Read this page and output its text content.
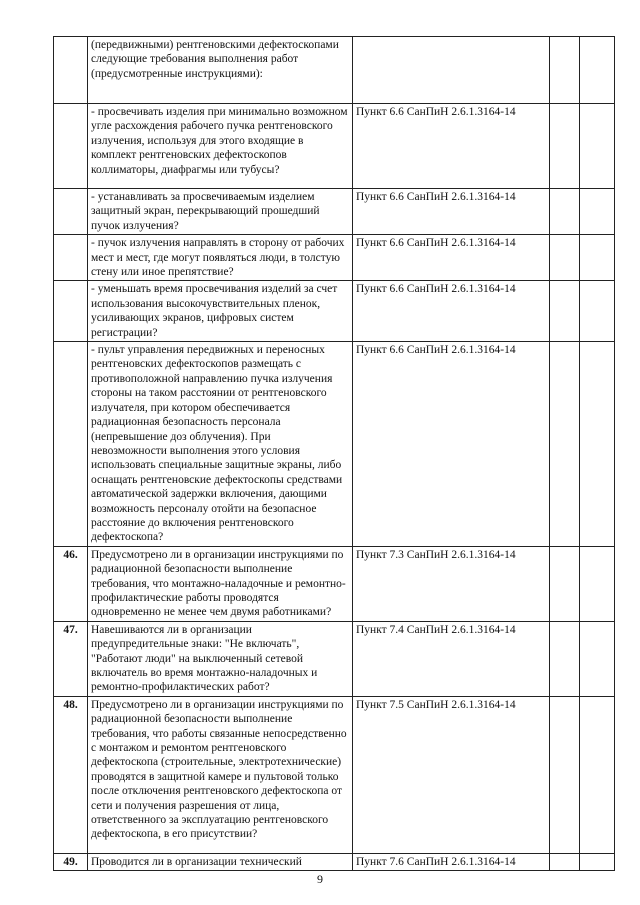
	(передвижными) рентгеновскими дефектоскопами следующие требования выполнения работ (предусмотренные инструкциями):			
	- просвечивать изделия при минимально возможном угле расхождения рабочего пучка рентгеновского излучения, используя для этого входящие в комплект рентгеновских дефектоскопов коллиматоры, диафрагмы или тубусы?	Пункт 6.6 СанПиН 2.6.1.3164-14		
	- устанавливать за просвечиваемым изделием защитный экран, перекрывающий прошедший пучок излучения?	Пункт 6.6 СанПиН 2.6.1.3164-14		
	- пучок излучения направлять в сторону от рабочих мест и мест, где могут появляться люди, в толстую стену или иное препятствие?	Пункт 6.6 СанПиН 2.6.1.3164-14		
	- уменьшать время просвечивания изделий за счет использования высокочувствительных пленок, усиливающих экранов, цифровых систем регистрации?	Пункт 6.6 СанПиН 2.6.1.3164-14		
	- пульт управления передвижных и переносных рентгеновских дефектоскопов размещать с противоположной направлению пучка излучения стороны на таком расстоянии от рентгеновского излучателя, при котором обеспечивается радиационная безопасность персонала (непревышение доз облучения). При невозможности выполнения этого условия использовать специальные защитные экраны, либо оснащать рентгеновские дефектоскопы средствами автоматической задержки включения, дающими возможность персоналу отойти на безопасное расстояние до включения рентгеновского дефектоскопа?	Пункт 6.6 СанПиН 2.6.1.3164-14		
46.	Предусмотрено ли в организации инструкциями по радиационной безопасности выполнение требования, что монтажно-наладочные и ремонтно-профилактические работы проводятся одновременно не менее чем двумя работниками?	Пункт 7.3 СанПиН 2.6.1.3164-14		
47.	Навешиваются ли в организации предупредительные знаки: "Не включать", "Работают люди" на выключенный сетевой включатель во время монтажно-наладочных и ремонтно-профилактических работ?	Пункт 7.4 СанПиН 2.6.1.3164-14		
48.	Предусмотрено ли в организации инструкциями по радиационной безопасности выполнение требования, что работы связанные непосредственно с монтажом и ремонтом рентгеновского дефектоскопа (строительные, электротехнические) проводятся в защитной камере и пультовой только после отключения рентгеновского дефектоскопа от сети и получения разрешения от лица, ответственного за эксплуатацию рентгеновского дефектоскопа, в его присутствии?	Пункт 7.5 СанПиН 2.6.1.3164-14		
49.	Проводится ли в организации технический	Пункт 7.6 СанПиН 2.6.1.3164-14		
9
